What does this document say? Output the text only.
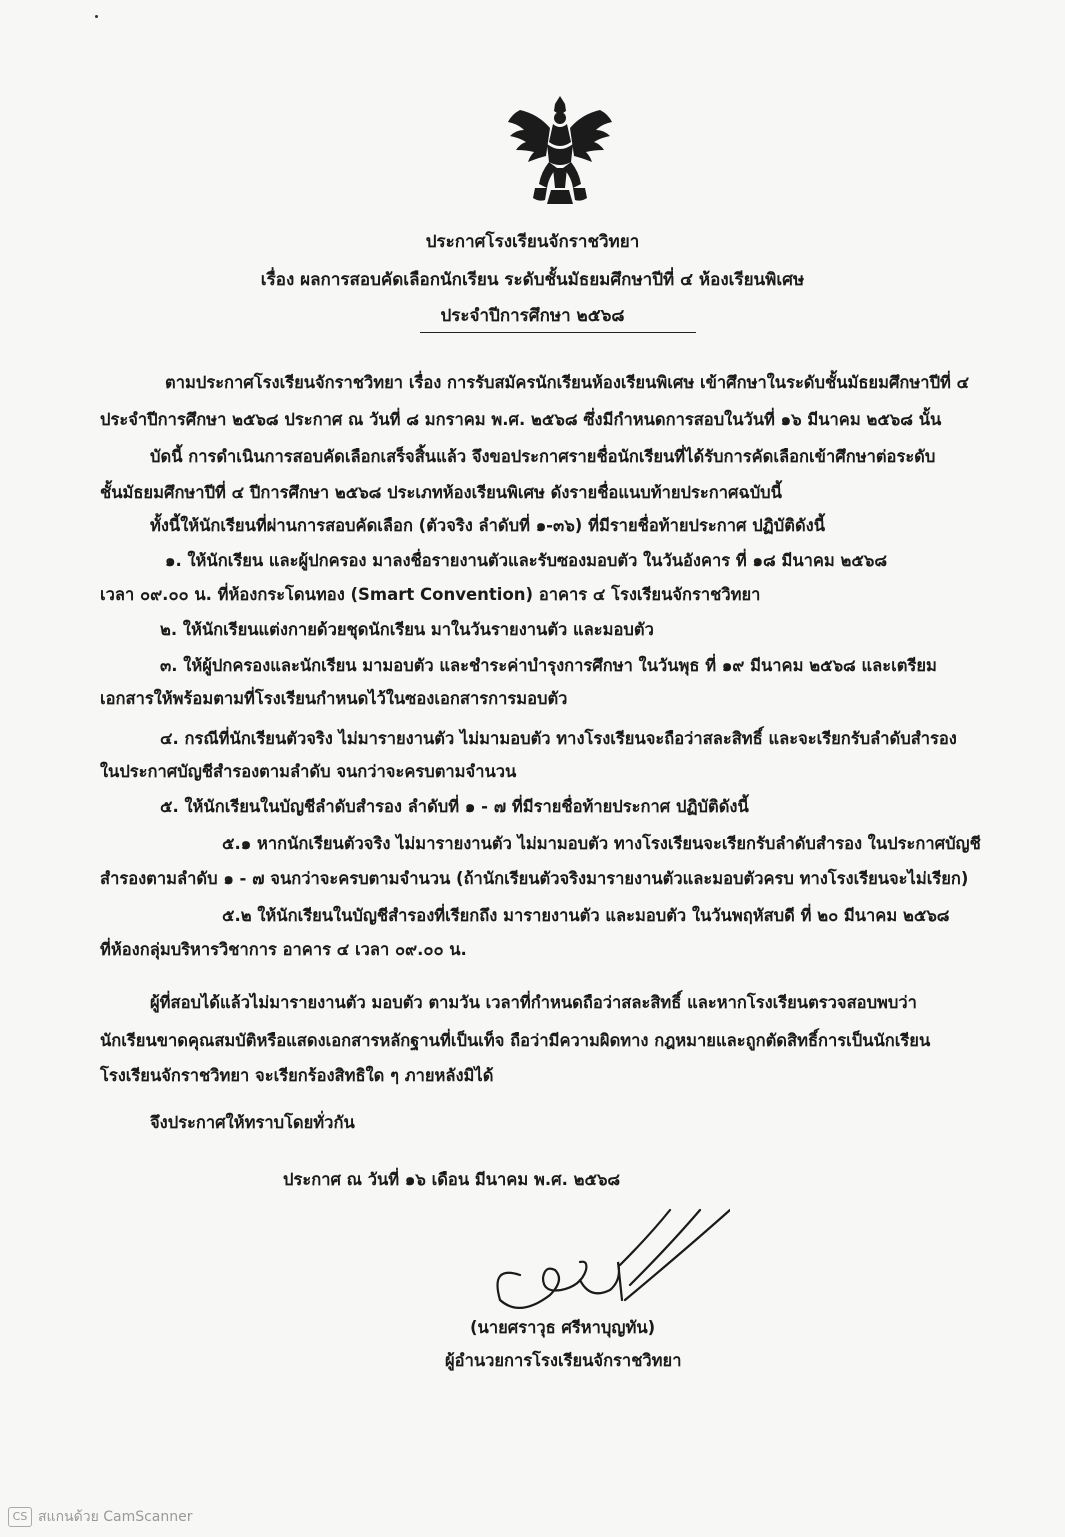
ประกาศโรงเรียนจักราชวิทยา
เรื่อง ผลการสอบคัดเลือกนักเรียน ระดับชั้นมัธยมศึกษาปีที่ ๔ ห้องเรียนพิเศษ
ประจำปีการศึกษา ๒๕๖๘
ตามประกาศโรงเรียนจักราชวิทยา เรื่อง การรับสมัครนักเรียนห้องเรียนพิเศษ เข้าศึกษาในระดับชั้นมัธยมศึกษาปีที่ ๔
ประจำปีการศึกษา ๒๕๖๘ ประกาศ ณ วันที่ ๘ มกราคม พ.ศ. ๒๕๖๘ ซึ่งมีกำหนดการสอบในวันที่ ๑๖ มีนาคม ๒๕๖๘ นั้น
บัดนี้ การดำเนินการสอบคัดเลือกเสร็จสิ้นแล้ว จึงขอประกาศรายชื่อนักเรียนที่ได้รับการคัดเลือกเข้าศึกษาต่อระดับ
ชั้นมัธยมศึกษาปีที่ ๔ ปีการศึกษา ๒๕๖๘ ประเภทห้องเรียนพิเศษ ดังรายชื่อแนบท้ายประกาศฉบับนี้
ทั้งนี้ให้นักเรียนที่ผ่านการสอบคัดเลือก (ตัวจริง ลำดับที่ ๑-๓๖) ที่มีรายชื่อท้ายประกาศ ปฏิบัติดังนี้
๑. ให้นักเรียน และผู้ปกครอง มาลงชื่อรายงานตัวและรับซองมอบตัว ในวันอังคาร ที่ ๑๘ มีนาคม ๒๕๖๘
เวลา ๐๙.๐๐ น. ที่ห้องกระโดนทอง (Smart Convention) อาคาร ๔ โรงเรียนจักราชวิทยา
๒. ให้นักเรียนแต่งกายด้วยชุดนักเรียน มาในวันรายงานตัว และมอบตัว
๓. ให้ผู้ปกครองและนักเรียน มามอบตัว และชำระค่าบำรุงการศึกษา ในวันพุธ ที่ ๑๙ มีนาคม ๒๕๖๘ และเตรียม
เอกสารให้พร้อมตามที่โรงเรียนกำหนดไว้ในซองเอกสารการมอบตัว
๔. กรณีที่นักเรียนตัวจริง ไม่มารายงานตัว ไม่มามอบตัว ทางโรงเรียนจะถือว่าสละสิทธิ์ และจะเรียกรับลำดับสำรอง
ในประกาศบัญชีสำรองตามลำดับ จนกว่าจะครบตามจำนวน
๕. ให้นักเรียนในบัญชีลำดับสำรอง ลำดับที่ ๑ - ๗ ที่มีรายชื่อท้ายประกาศ ปฏิบัติดังนี้
๕.๑ หากนักเรียนตัวจริง ไม่มารายงานตัว ไม่มามอบตัว ทางโรงเรียนจะเรียกรับลำดับสำรอง ในประกาศบัญชี
สำรองตามลำดับ ๑ - ๗ จนกว่าจะครบตามจำนวน (ถ้านักเรียนตัวจริงมารายงานตัวและมอบตัวครบ ทางโรงเรียนจะไม่เรียก)
๕.๒ ให้นักเรียนในบัญชีสำรองที่เรียกถึง มารายงานตัว และมอบตัว ในวันพฤหัสบดี ที่ ๒๐ มีนาคม ๒๕๖๘
ที่ห้องกลุ่มบริหารวิชาการ อาคาร ๔ เวลา ๐๙.๐๐ น.
ผู้ที่สอบได้แล้วไม่มารายงานตัว มอบตัว ตามวัน เวลาที่กำหนดถือว่าสละสิทธิ์ และหากโรงเรียนตรวจสอบพบว่า
นักเรียนขาดคุณสมบัติหรือแสดงเอกสารหลักฐานที่เป็นเท็จ ถือว่ามีความผิดทาง กฎหมายและถูกตัดสิทธิ์การเป็นนักเรียน
โรงเรียนจักราชวิทยา จะเรียกร้องสิทธิใด ๆ ภายหลังมิได้
จึงประกาศให้ทราบโดยทั่วกัน
ประกาศ ณ วันที่ ๑๖ เดือน มีนาคม พ.ศ. ๒๕๖๘
(นายศราวุธ ศรีหาบุญทัน)
ผู้อำนวยการโรงเรียนจักราชวิทยา
CS สแกนด้วย CamScanner
